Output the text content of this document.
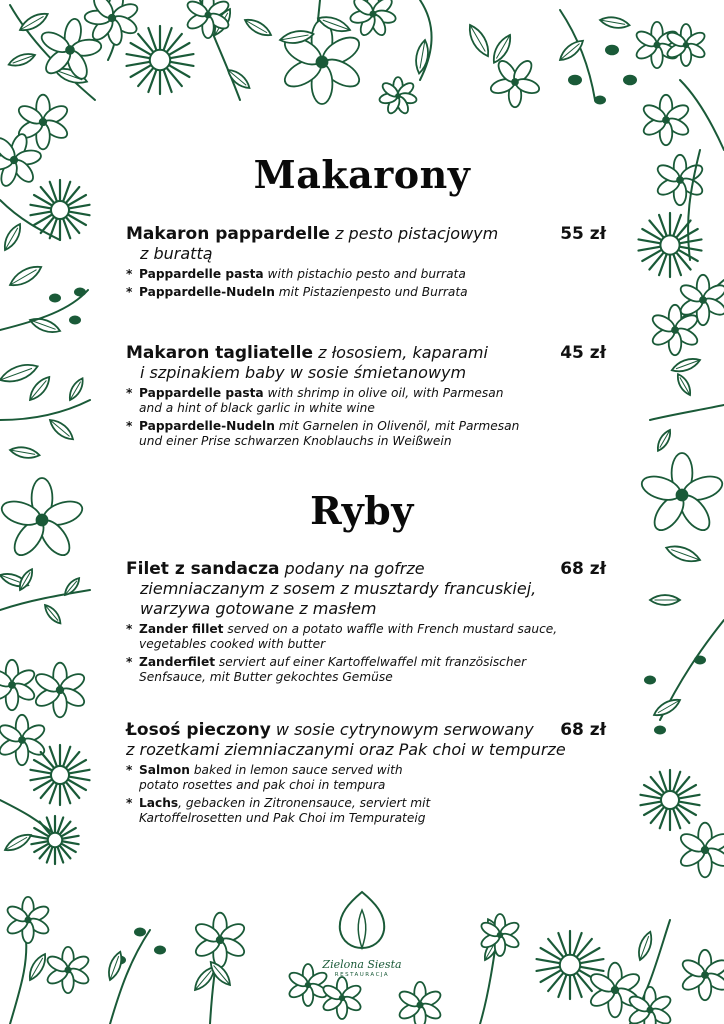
Makarony
55 zł

Makaron pappardelle z pesto pistacjowym

z burattą

* Pappardelle pasta with pistachio pesto and burrata

* Pappardelle-Nudeln mit Pistazienpesto und Burrata

45 zł

Makaron tagliatelle z łososiem, kaparami

i szpinakiem baby w sosie śmietanowym

* Pappardelle pasta with shrimp in olive oil, with Parmesan
and a hint of black garlic in white wine

* Pappardelle-Nudeln mit Garnelen in Olivenöl, mit Parmesan
und einer Prise schwarzen Knoblauchs in Weißwein

Ryby
68 zł

Filet z sandacza podany na gofrze

ziemniaczanym z sosem z musztardy francuskiej,

warzywa gotowane z masłem

* Zander fillet served on a potato waffle with French mustard sauce,
vegetables cooked with butter

* Zanderfilet serviert auf einer Kartoffelwaffel mit französischer
Senfsauce, mit Butter gekochtes Gemüse

68 zł

Łosoś pieczony w sosie cytrynowym serwowany

z rozetkami ziemniaczanymi oraz Pak choi w tempurze

* Salmon baked in lemon sauce served with
potato rosettes and pak choi in tempura

* Lachs, gebacken in Zitronensauce, serviert mit
Kartoffelrosetten und Pak Choi im Tempurateig

Zielona Siesta
RESTAURACJA
